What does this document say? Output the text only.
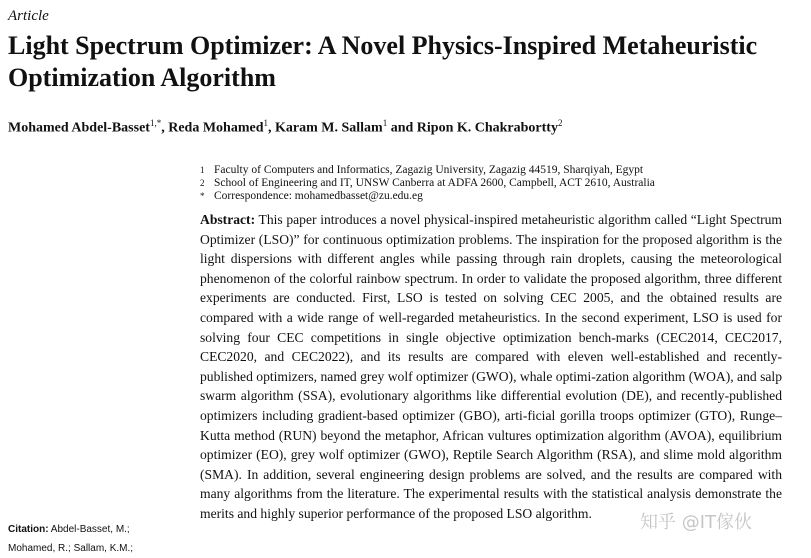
Article
Light Spectrum Optimizer: A Novel Physics-Inspired Metaheuristic Optimization Algorithm
Mohamed Abdel-Basset$^{1,*}$, Reda Mohamed$^1$, Karam M. Sallam$^1$ and Ripon K. Chakrabortty$^2$
1 Faculty of Computers and Informatics, Zagazig University, Zagazig 44519, Sharqiyah, Egypt
2 School of Engineering and IT, UNSW Canberra at ADFA 2600, Campbell, ACT 2610, Australia
* Correspondence: mohamedbasset@zu.edu.eg

Abstract: This paper introduces a novel physical-inspired metaheuristic algorithm called “Light Spectrum Optimizer (LSO)” for continuous optimization problems. The inspiration for the proposed algorithm is the light dispersions with different angles while passing through rain droplets, causing the meteorological phenomenon of the colorful rainbow spectrum. In order to validate the proposed algorithm, three different experiments are conducted. First, LSO is tested on solving CEC 2005, and the obtained results are compared with a wide range of well-regarded metaheuristics. In the second experiment, LSO is used for solving four CEC competitions in single objective optimization bench-marks (CEC2014, CEC2017, CEC2020, and CEC2022), and its results are compared with eleven well-established and recently-published optimizers, named grey wolf optimizer (GWO), whale optimi-zation algorithm (WOA), and salp swarm algorithm (SSA), evolutionary algorithms like differential evolution (DE), and recently-published optimizers including gradient-based optimizer (GBO), arti-ficial gorilla troops optimizer (GTO), Runge–Kutta method (RUN) beyond the metaphor, African vultures optimization algorithm (AVOA), equilibrium optimizer (EO), grey wolf optimizer (GWO), Reptile Search Algorithm (RSA), and slime mold algorithm (SMA). In addition, several engineering design problems are solved, and the results are compared with many algorithms from the literature. The experimental results with the statistical analysis demonstrate the merits and highly superior performance of the proposed LSO algorithm.

Citation: Abdel-Basset, M.;
Mohamed, R.; Sallam, K.M.;
知乎 @IT傢伙
